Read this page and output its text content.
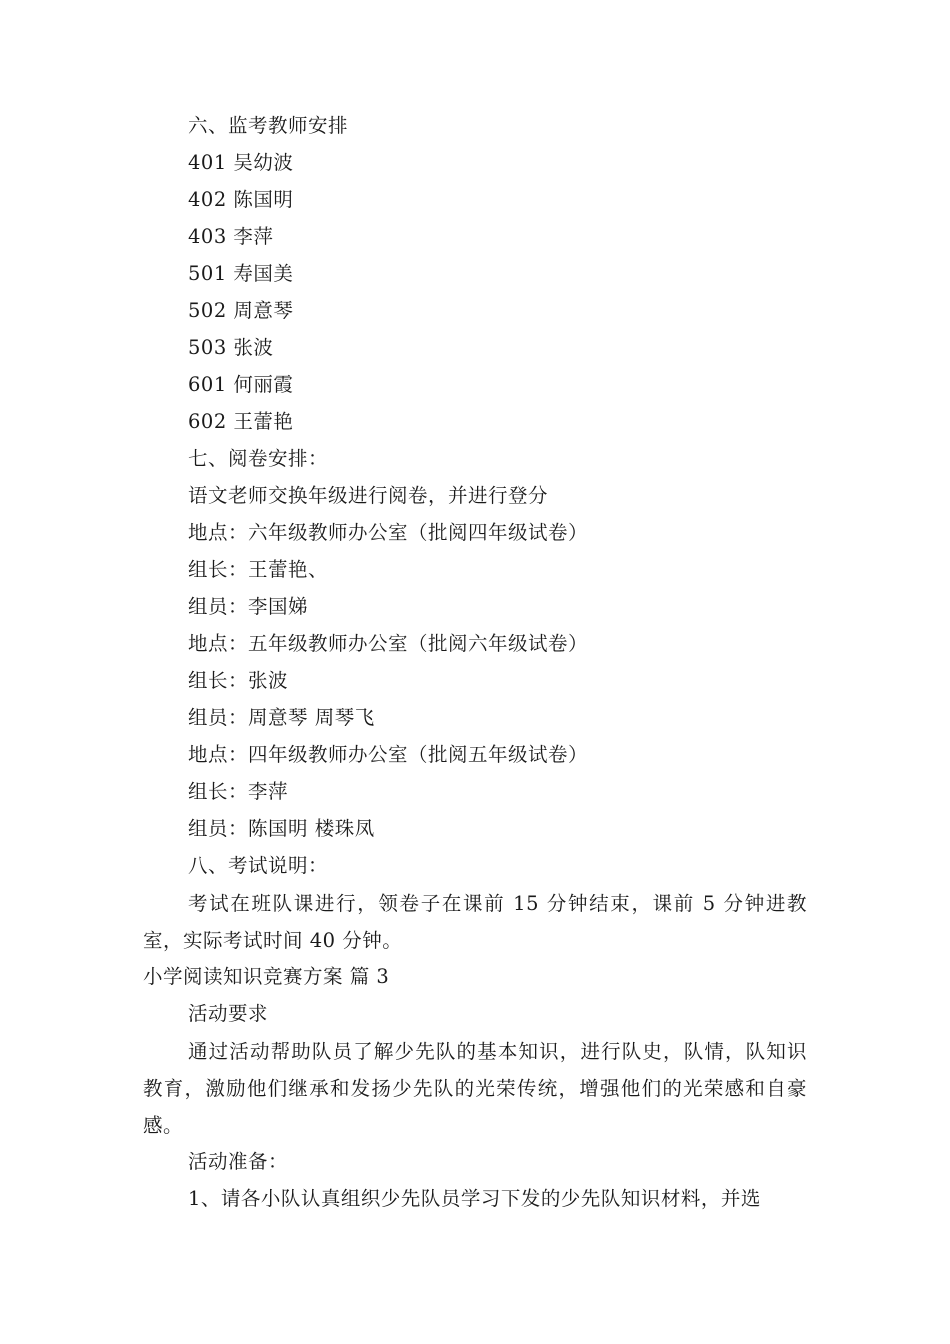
六、监考教师安排
401 吴幼波
402 陈国明
403 李萍
501 寿国美
502 周意琴
503 张波
601 何丽霞
602 王蕾艳
七、阅卷安排：
语文老师交换年级进行阅卷，并进行登分
地点：六年级教师办公室（批阅四年级试卷）
组长：王蕾艳、
组员：李国娣
地点：五年级教师办公室（批阅六年级试卷）
组长：张波
组员：周意琴 周琴飞
地点：四年级教师办公室（批阅五年级试卷）
组长：李萍
组员：陈国明 楼珠凤
八、考试说明：
考试在班队课进行，领卷子在课前 15 分钟结束，课前 5 分钟进教室，实际考试时间 40 分钟。
小学阅读知识竞赛方案 篇 3
活动要求
通过活动帮助队员了解少先队的基本知识，进行队史，队情，队知识教育，激励他们继承和发扬少先队的光荣传统，增强他们的光荣感和自豪感。
活动准备：
1、请各小队认真组织少先队员学习下发的少先队知识材料，并选
